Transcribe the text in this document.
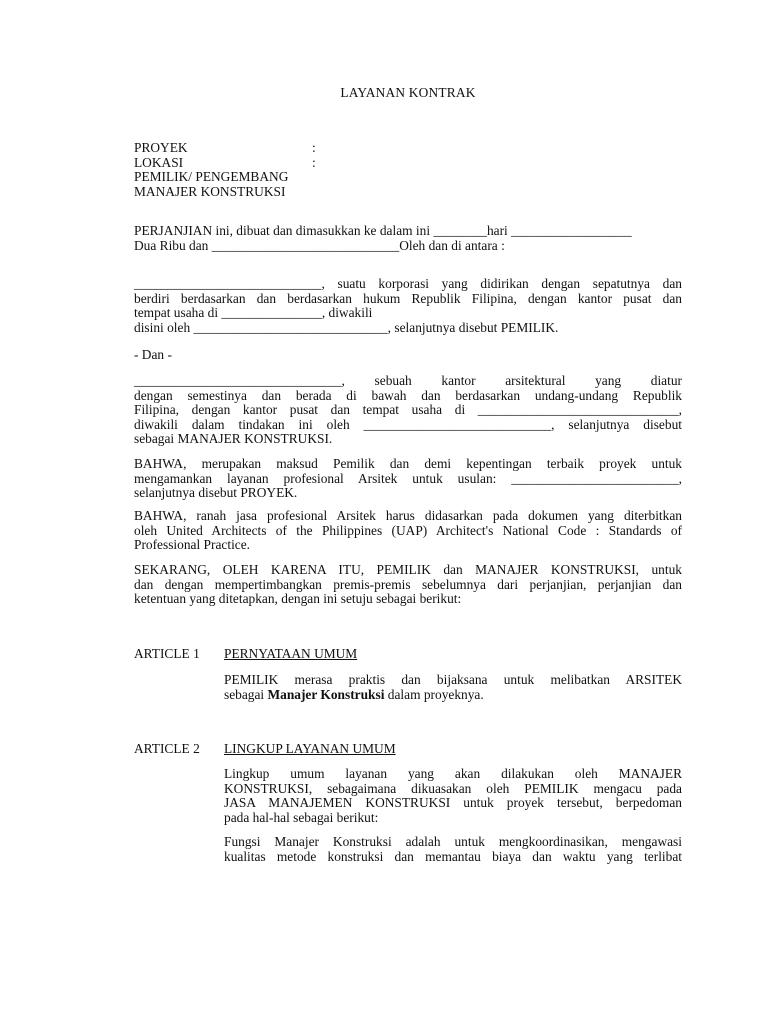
LAYANAN KONTRAK
PROYEK	:
LOKASI	:
PEMILIK/ PENGEMBANG
MANAJER KONSTRUKSI
PERJANJIAN ini, dibuat dan dimasukkan ke dalam ini ________hari __________________
Dua Ribu dan ____________________________Oleh dan di antara :
____________________________, suatu korporasi yang didirikan dengan sepatutnya dan
berdiri berdasarkan dan berdasarkan hukum Republik Filipina, dengan kantor pusat dan
tempat usaha di _______________, diwakili
disini oleh _____________________________, selanjutnya disebut PEMILIK.
- Dan -
_______________________________, sebuah kantor arsitektural yang diatur
dengan semestinya dan berada di bawah dan berdasarkan undang-undang Republik
Filipina, dengan kantor pusat dan tempat usaha di ______________________________,
diwakili dalam tindakan ini oleh ____________________________, selanjutnya disebut
sebagai MANAJER KONSTRUKSI.
BAHWA, merupakan maksud Pemilik dan demi kepentingan terbaik proyek untuk
mengamankan layanan profesional Arsitek untuk usulan: _________________________,
selanjutnya disebut PROYEK.
BAHWA, ranah jasa profesional Arsitek harus didasarkan pada dokumen yang diterbitkan
oleh United Architects of the Philippines (UAP) Architect's National Code : Standards of
Professional Practice.
SEKARANG, OLEH KARENA ITU, PEMILIK dan MANAJER KONSTRUKSI, untuk
dan dengan mempertimbangkan premis-premis sebelumnya dari perjanjian, perjanjian dan
ketentuan yang ditetapkan, dengan ini setuju sebagai berikut:
ARTICLE 1 PERNYATAAN UMUM
PEMILIK merasa praktis dan bijaksana untuk melibatkan ARSITEK
sebagai Manajer Konstruksi dalam proyeknya.
ARTICLE 2 LINGKUP LAYANAN UMUM
Lingkup umum layanan yang akan dilakukan oleh MANAJER
KONSTRUKSI, sebagaimana dikuasakan oleh PEMILIK mengacu pada
JASA MANAJEMEN KONSTRUKSI untuk proyek tersebut, berpedoman
pada hal-hal sebagai berikut:
Fungsi Manajer Konstruksi adalah untuk mengkoordinasikan, mengawasi
kualitas metode konstruksi dan memantau biaya dan waktu yang terlibat
